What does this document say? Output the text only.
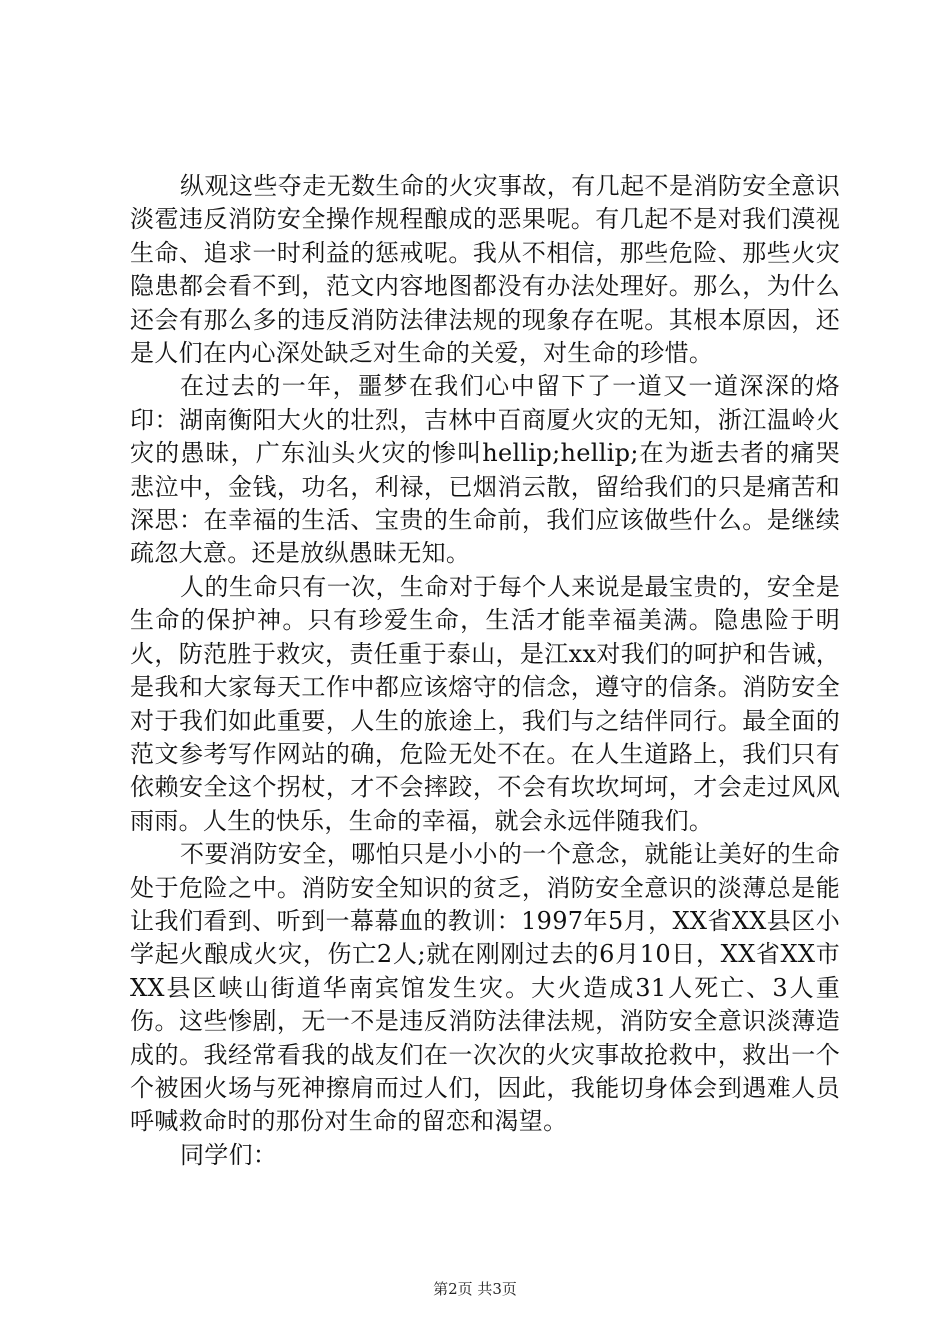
纵观这些夺走无数生命的火灾事故，有几起不是消防安全意识淡雹违反消防安全操作规程酿成的恶果呢。有几起不是对我们漠视生命、追求一时利益的惩戒呢。我从不相信，那些危险、那些火灾隐患都会看不到，范文内容地图都没有办法处理好。那么，为什么还会有那么多的违反消防法律法规的现象存在呢。其根本原因，还是人们在内心深处缺乏对生命的关爱，对生命的珍惜。

在过去的一年，噩梦在我们心中留下了一道又一道深深的烙印：湖南衡阳大火的壮烈，吉林中百商厦火灾的无知，浙江温岭火灾的愚昧，广东汕头火灾的惨叫hellip;hellip;在为逝去者的痛哭悲泣中，金钱，功名，利禄，已烟消云散，留给我们的只是痛苦和深思：在幸福的生活、宝贵的生命前，我们应该做些什么。是继续疏忽大意。还是放纵愚昧无知。

人的生命只有一次，生命对于每个人来说是最宝贵的，安全是生命的保护神。只有珍爱生命，生活才能幸福美满。隐患险于明火，防范胜于救灾，责任重于泰山，是江xx对我们的呵护和告诫，是我和大家每天工作中都应该熔守的信念，遵守的信条。消防安全对于我们如此重要，人生的旅途上，我们与之结伴同行。最全面的范文参考写作网站的确，危险无处不在。在人生道路上，我们只有依赖安全这个拐杖，才不会摔跤，不会有坎坎坷坷，才会走过风风雨雨。人生的快乐，生命的幸福，就会永远伴随我们。

不要消防安全，哪怕只是小小的一个意念，就能让美好的生命处于危险之中。消防安全知识的贫乏，消防安全意识的淡薄总是能让我们看到、听到一幕幕血的教训：1997年5月，XX省XX县区小学起火酿成火灾，伤亡2人;就在刚刚过去的6月10日，XX省XX市XX县区峡山街道华南宾馆发生灾。大火造成31人死亡、3人重伤。这些惨剧，无一不是违反消防法律法规，消防安全意识淡薄造成的。我经常看我的战友们在一次次的火灾事故抢救中，救出一个个被困火场与死神擦肩而过人们，因此，我能切身体会到遇难人员呼喊救命时的那份对生命的留恋和渴望。

同学们：

第2页 共3页
